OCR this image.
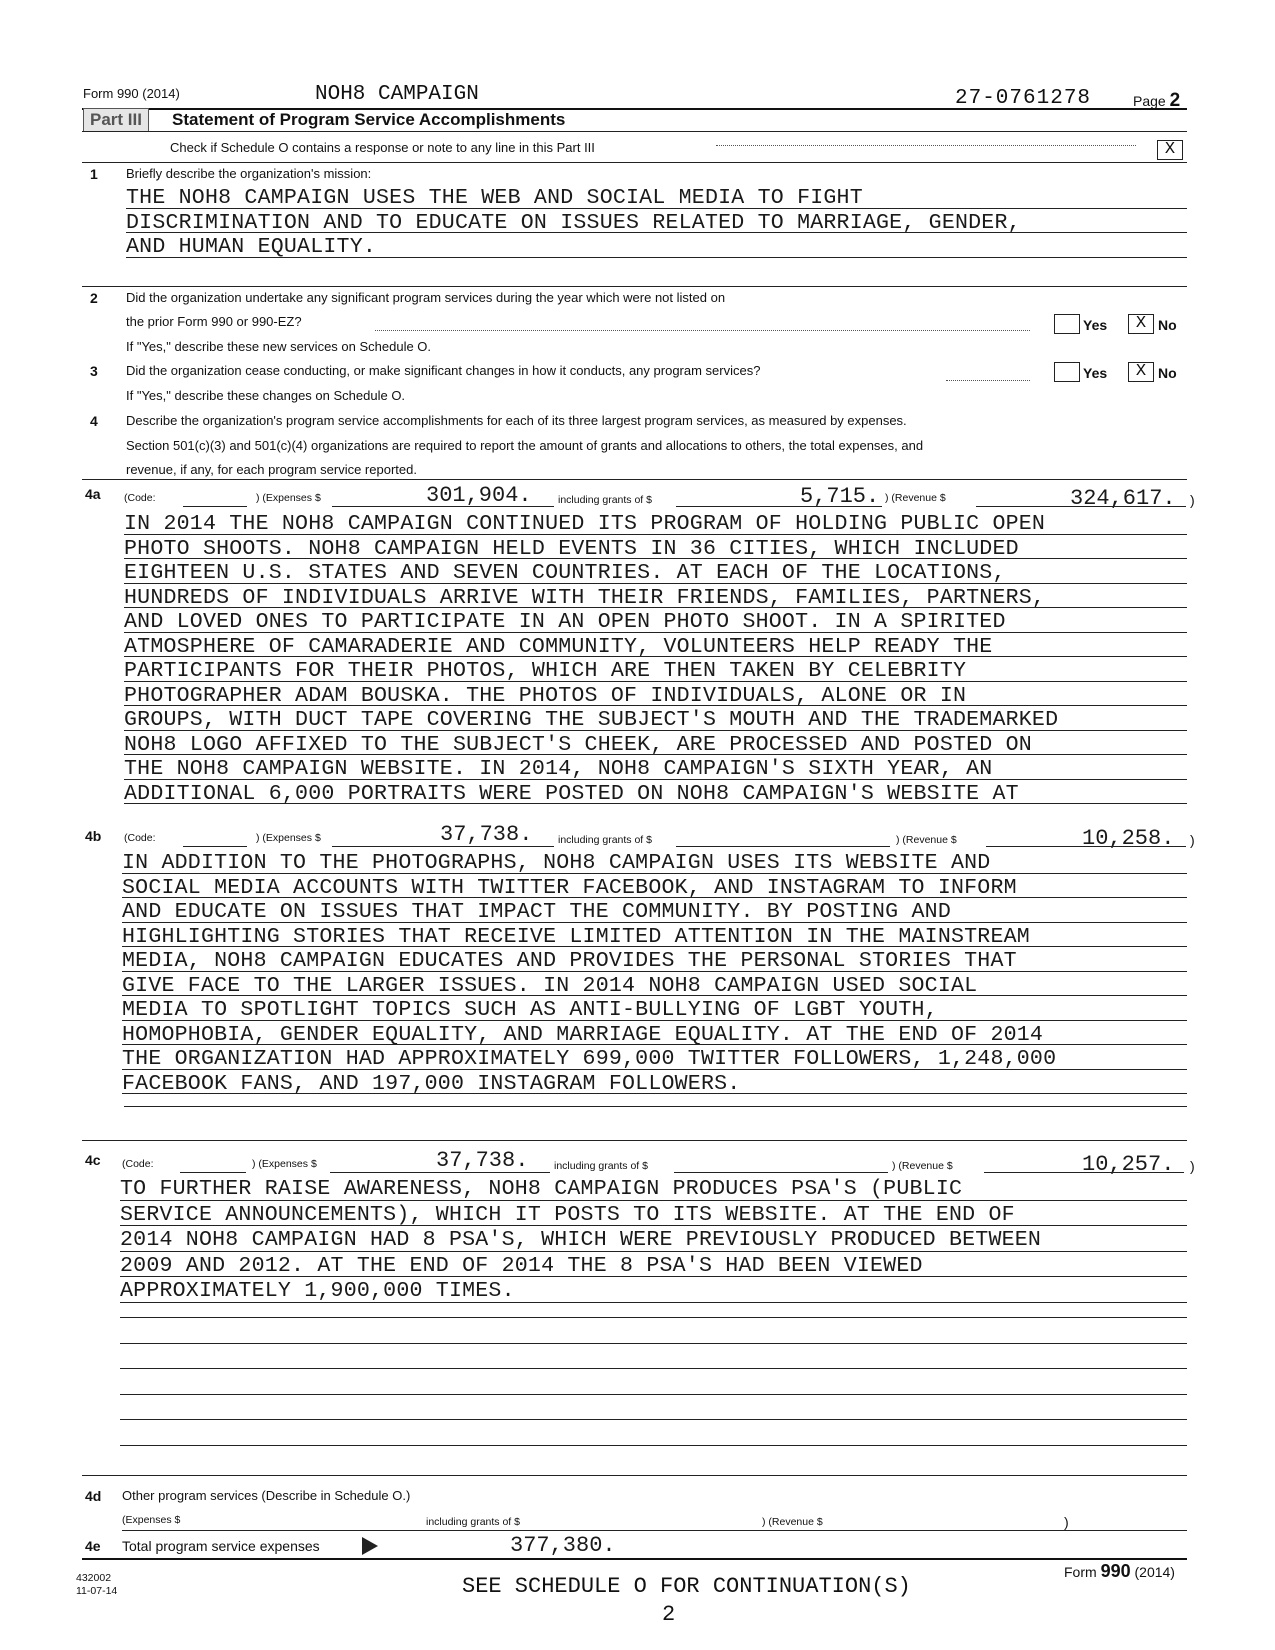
Form 990 (2014)	NOH8 CAMPAIGN	27-0761278	Page 2
Part III	Statement of Program Service Accomplishments
Check if Schedule O contains a response or note to any line in this Part III	X
1 Briefly describe the organization's mission:
THE NOH8 CAMPAIGN USES THE WEB AND SOCIAL MEDIA TO FIGHT
DISCRIMINATION AND TO EDUCATE ON ISSUES RELATED TO MARRIAGE, GENDER,
AND HUMAN EQUALITY.
2 Did the organization undertake any significant program services during the year which were not listed on
the prior Form 990 or 990-EZ?
If "Yes," describe these new services on Schedule O.
Yes	X No
3 Did the organization cease conducting, or make significant changes in how it conducts, any program services?
If "Yes," describe these changes on Schedule O.
Yes	X No
4 Describe the organization's program service accomplishments for each of its three largest program services, as measured by expenses.
Section 501(c)(3) and 501(c)(4) organizations are required to report the amount of grants and allocations to others, the total expenses, and
revenue, if any, for each program service reported.
4a (Code:	) (Expenses $	301,904.	including grants of $	5,715. ) (Revenue $	324,617. )
IN 2014 THE NOH8 CAMPAIGN CONTINUED ITS PROGRAM OF HOLDING PUBLIC OPEN
PHOTO SHOOTS. NOH8 CAMPAIGN HELD EVENTS IN 36 CITIES, WHICH INCLUDED
EIGHTEEN U.S. STATES AND SEVEN COUNTRIES. AT EACH OF THE LOCATIONS,
HUNDREDS OF INDIVIDUALS ARRIVE WITH THEIR FRIENDS, FAMILIES, PARTNERS,
AND LOVED ONES TO PARTICIPATE IN AN OPEN PHOTO SHOOT. IN A SPIRITED
ATMOSPHERE OF CAMARADERIE AND COMMUNITY, VOLUNTEERS HELP READY THE
PARTICIPANTS FOR THEIR PHOTOS, WHICH ARE THEN TAKEN BY CELEBRITY
PHOTOGRAPHER ADAM BOUSKA. THE PHOTOS OF INDIVIDUALS, ALONE OR IN
GROUPS, WITH DUCT TAPE COVERING THE SUBJECT'S MOUTH AND THE TRADEMARKED
NOH8 LOGO AFFIXED TO THE SUBJECT'S CHEEK, ARE PROCESSED AND POSTED ON
THE NOH8 CAMPAIGN WEBSITE. IN 2014, NOH8 CAMPAIGN'S SIXTH YEAR, AN
ADDITIONAL 6,000 PORTRAITS WERE POSTED ON NOH8 CAMPAIGN'S WEBSITE AT
4b (Code:	) (Expenses $	37,738. including grants of $	) (Revenue $	10,258. )
IN ADDITION TO THE PHOTOGRAPHS, NOH8 CAMPAIGN USES ITS WEBSITE AND
SOCIAL MEDIA ACCOUNTS WITH TWITTER FACEBOOK, AND INSTAGRAM TO INFORM
AND EDUCATE ON ISSUES THAT IMPACT THE COMMUNITY. BY POSTING AND
HIGHLIGHTING STORIES THAT RECEIVE LIMITED ATTENTION IN THE MAINSTREAM
MEDIA, NOH8 CAMPAIGN EDUCATES AND PROVIDES THE PERSONAL STORIES THAT
GIVE FACE TO THE LARGER ISSUES. IN 2014 NOH8 CAMPAIGN USED SOCIAL
MEDIA TO SPOTLIGHT TOPICS SUCH AS ANTI-BULLYING OF LGBT YOUTH,
HOMOPHOBIA, GENDER EQUALITY, AND MARRIAGE EQUALITY. AT THE END OF 2014
THE ORGANIZATION HAD APPROXIMATELY 699,000 TWITTER FOLLOWERS, 1,248,000
FACEBOOK FANS, AND 197,000 INSTAGRAM FOLLOWERS.
4c (Code:	) (Expenses $	37,738. including grants of $	) (Revenue $	10,257. )
TO FURTHER RAISE AWARENESS, NOH8 CAMPAIGN PRODUCES PSA'S (PUBLIC
SERVICE ANNOUNCEMENTS), WHICH IT POSTS TO ITS WEBSITE. AT THE END OF
2014 NOH8 CAMPAIGN HAD 8 PSA'S, WHICH WERE PREVIOUSLY PRODUCED BETWEEN
2009 AND 2012. AT THE END OF 2014 THE 8 PSA'S HAD BEEN VIEWED
APPROXIMATELY 1,900,000 TIMES.
4d Other program services (Describe in Schedule O.)
(Expenses $	including grants of $	) (Revenue $	)
4e Total program service expenses	377,380.
432002
11-07-14
Form 990 (2014)
SEE SCHEDULE O FOR CONTINUATION(S)
2
